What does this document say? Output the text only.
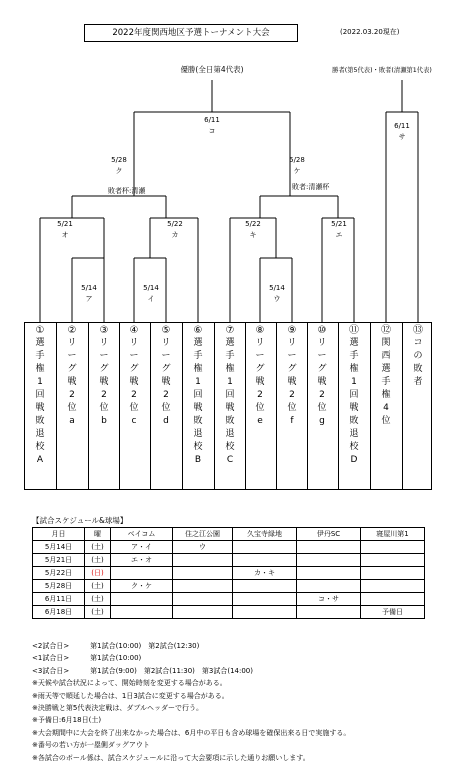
2022年度関西地区予選トーナメント大会	(2022.03.20現在)
優勝(全日第4代表)	勝者(第5代表)・敗者(清瀬第1代表)
6/11
コ
6/11
サ
5/28
ク
5/28
ケ
敗者杯:清瀬	敗者:清瀬杯
5/21
オ
5/22
カ
5/22
キ
5/21
エ
5/14
ア
5/14
イ
5/14
ウ
①
選手権1回戦敗退校A
②
リーグ戦2位a
③
リーグ戦2位b
④
リーグ戦2位c
⑤
リーグ戦2位d
⑥
選手権1回戦敗退校B
⑦
選手権1回戦敗退校C
⑧
リーグ戦2位e
⑨
リーグ戦2位f
⑩
リーグ戦2位g
⑪
選手権1回戦敗退校D
⑫
関西選手権4位
⑬
コの敗者
【試合スケジュール&球場】
月日	曜	ベイコム	住之江公園	久宝寺緑地	伊丹SC	寝屋川第1
5月14日	(土)	ア・イ	ウ			
5月21日	(土)	エ・オ				
5月22日	(日)			カ・キ		
5月28日	(土)	ク・ケ				
6月11日	(土)				コ・サ	
6月18日	(土)					予備日
<2試合日>　　　第1試合(10:00)　第2試合(12:30)
<1試合日>　　　第1試合(10:00)
<3試合日>　　　第1試合(9:00)　第2試合(11:30)　第3試合(14:00)
※天候や試合状況によって、開始時刻を変更する場合がある。
※雨天等で順延した場合は、1日3試合に変更する場合がある。
※決勝戦と第5代表決定戦は、ダブルヘッダーで行う。
※予備日:6月18日(土)
※大会期間中に大会を終了出来なかった場合は、6月中の平日も含め球場を確保出来る日で実施する。
※番号の若い方が一塁側ダッグアウト
※各試合のボール係は、試合スケジュールに沿って大会要項に示した通りお願いします。
